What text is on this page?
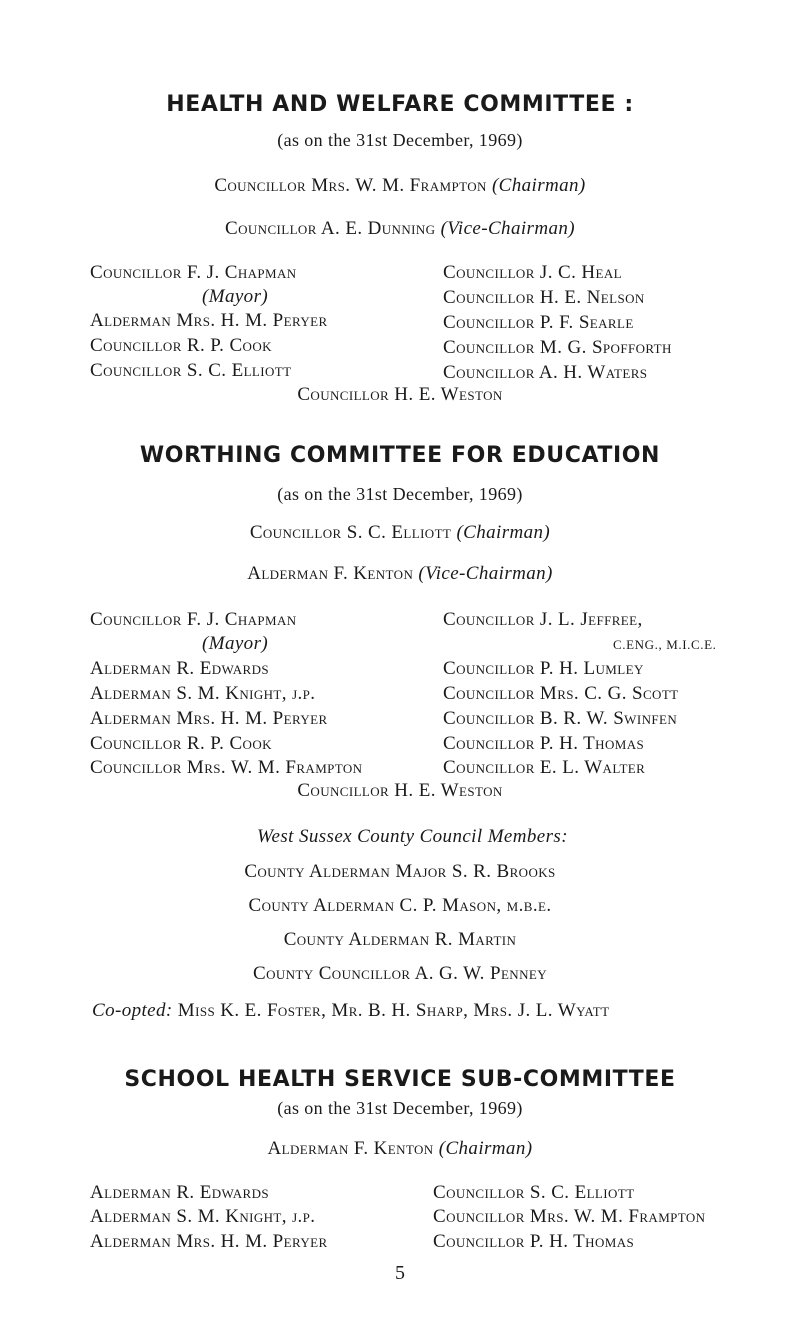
HEALTH AND WELFARE COMMITTEE :
(as on the 31st December, 1969)
Councillor Mrs. W. M. Frampton (Chairman)
Councillor A. E. Dunning (Vice-Chairman)
Councillor F. J. Chapman
(Mayor)
Alderman Mrs. H. M. Peryer
Councillor R. P. Cook
Councillor S. C. Elliott
Councillor J. C. Heal
Councillor H. E. Nelson
Councillor P. F. Searle
Councillor M. G. Spofforth
Councillor A. H. Waters
Councillor H. E. Weston
WORTHING COMMITTEE FOR EDUCATION
(as on the 31st December, 1969)
Councillor S. C. Elliott (Chairman)
Alderman F. Kenton (Vice-Chairman)
Councillor F. J. Chapman
(Mayor)
Alderman R. Edwards
Alderman S. M. Knight, j.p.
Alderman Mrs. H. M. Peryer
Councillor R. P. Cook
Councillor Mrs. W. M. Frampton
Councillor J. L. Jeffree,
C.ENG., M.I.C.E.
Councillor P. H. Lumley
Councillor Mrs. C. G. Scott
Councillor B. R. W. Swinfen
Councillor P. H. Thomas
Councillor E. L. Walter
Councillor H. E. Weston
West Sussex County Council Members:
County Alderman Major S. R. Brooks
County Alderman C. P. Mason, m.b.e.
County Alderman R. Martin
County Councillor A. G. W. Penney
Co-opted: Miss K. E. Foster, Mr. B. H. Sharp, Mrs. J. L. Wyatt
SCHOOL HEALTH SERVICE SUB-COMMITTEE
(as on the 31st December, 1969)
Alderman F. Kenton (Chairman)
Alderman R. Edwards
Alderman S. M. Knight, j.p.
Alderman Mrs. H. M. Peryer
Councillor S. C. Elliott
Councillor Mrs. W. M. Frampton
Councillor P. H. Thomas
5
